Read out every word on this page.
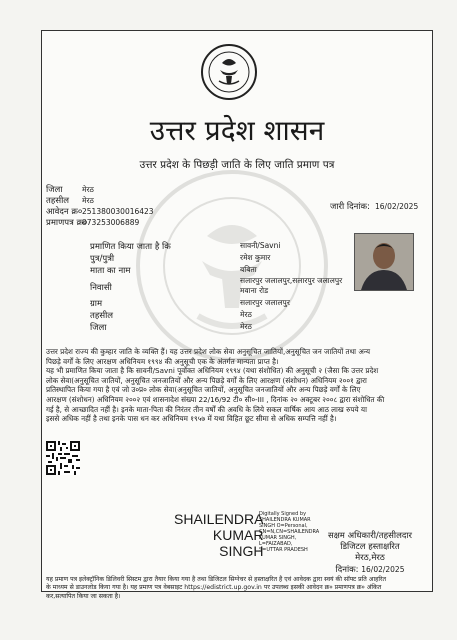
उत्तर प्रदेश शासन
उत्तर प्रदेश के पिछड़ी जाति के लिए जाति प्रमाण पत्र
जिला	मेरठ
तहसील मेरठ
आवेदन क्र० 251380030016423
प्रमाणपत्र क्र०
073253006889
जारी दिनांक: 16/02/2025
प्रमाणित किया जाता है कि	सावनी/Savni
पुत्र/पुत्री	रमेश कुमार
माता का नाम	बबिता
निवासी
सलारपुर जलालपुर,सलारपुर जलालपुर
मवाना रोड
ग्राम	सलारपुर जलालपुर
तहसील	मेरठ
जिला	मेरठ

उत्तर प्रदेश राज्य की कुम्हार जाति के व्यक्ति हैं। यह उत्तर प्रदेश लोक सेवा अनुसूचित जातियों,अनुसूचित जन जातियों तथा अन्य

पिछड़े वर्गों के लिए आरक्षण अधिनियम १९९४ की अनुसूची एक के अंतर्गत मान्यता प्राप्त है।

यह भी प्रमाणित किया जाता है कि सावनी/Savni पूर्वोक्त अधिनियम १९९४ (यथा संशोधित) की अनुसूची २ (जैसा कि उत्तर प्रदेश

लोक सेवा(अनुसूचित जातियों, अनुसूचित जनजातियों और अन्य पिछड़े वर्गों के लिए आरक्षण (संशोधन) अधिनियम २००१ द्वारा

प्रतिस्थापित किया गया है एवं जो उ०प्र० लोक सेवा(अनुसूचित जातियों, अनुसूचित जनजातियों और अन्य पिछड़े वर्गों के लिए

आरक्षण (संशोधन) अधिनियम २००२ एवं शासनादेश संख्या 22/16/92 टी० सी०-III , दिनांक २० अक्टूबर २००८ द्वारा संशोधित की

गई है, से आच्छादित नहीं है। इनके माता-पिता की निरंतर तीन वर्षों की अवधि के लिये सकल वार्षिक आय आठ लाख रुपये या

इससे अधिक नहीं है तथा इनके पास धन कर अधिनियम १९५७ में यथा विहित छूट सीमा से अधिक सम्पत्ति नहीं है।

SHAILENDRA
KUMAR
SINGH
Digitally Signed by
SHAILENDRA KUMAR
SINGH O=Personal,
CN=N,CN=SHAILENDRA
KUMAR SINGH,
L=FAIZABAD,
S=UTTAR PRADESH
सक्षम अधिकारी/तहसीलदार
डिजिटल हस्ताक्षरित
मेरठ,मेरठ
दिनांक: 16/02/2025

यह प्रमाण पत्र इलेक्ट्रॉनिक डिलिवरी सिस्टम द्वारा तैयार किया गया है तथा डिजिटल सिग्नेचर से हस्ताक्षरित है एवं आवेदक द्वारा स्वयं की सॉफ्ट प्रति आहरित

के माध्यम से डाउनलोड किया गया है। यह प्रमाण पत्र वेबसाइट https://edistrict.up.gov.in पर उपलब्ध इसकी आवेदन क्र० प्रमाणपत्र क्र० अंकित

कर,सत्यापित किया जा सकता है।
